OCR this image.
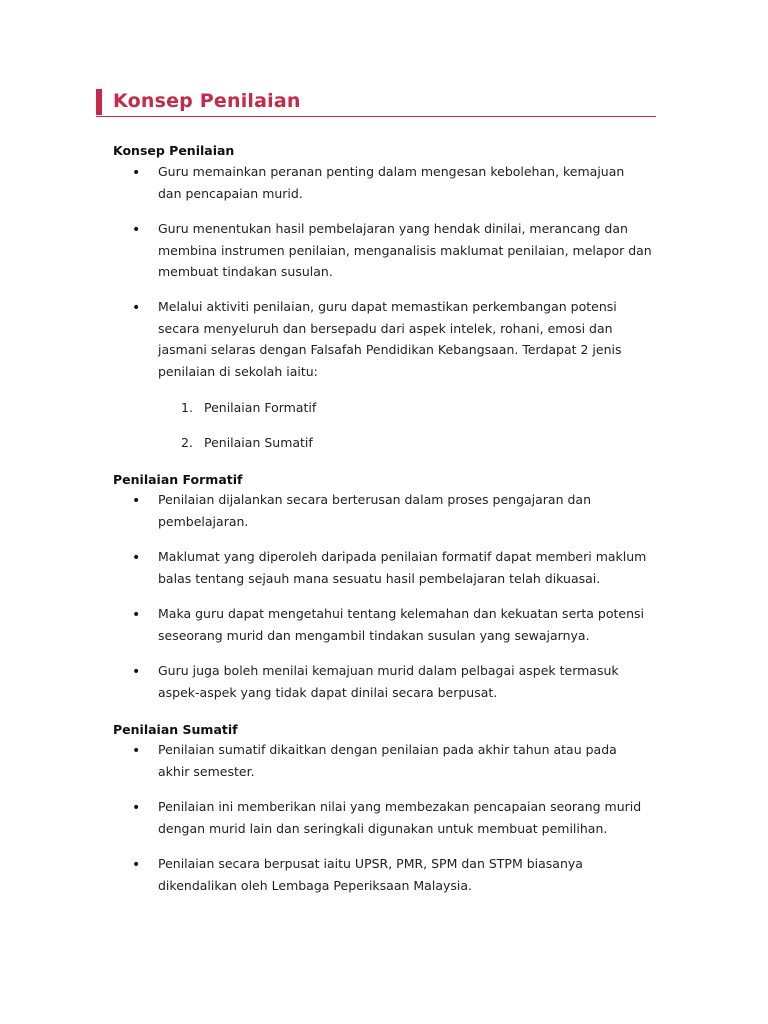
Konsep Penilaian
Konsep Penilaian
• Guru memainkan peranan penting dalam mengesan kebolehan, kemajuan
dan pencapaian murid.
• Guru menentukan hasil pembelajaran yang hendak dinilai, merancang dan
membina instrumen penilaian, menganalisis maklumat penilaian, melapor dan
membuat tindakan susulan.
• Melalui aktiviti penilaian, guru dapat memastikan perkembangan potensi
secara menyeluruh dan bersepadu dari aspek intelek, rohani, emosi dan
jasmani selaras dengan Falsafah Pendidikan Kebangsaan. Terdapat 2 jenis
penilaian di sekolah iaitu:
1. Penilaian Formatif
2. Penilaian Sumatif
Penilaian Formatif
• Penilaian dijalankan secara berterusan dalam proses pengajaran dan
pembelajaran.
• Maklumat yang diperoleh daripada penilaian formatif dapat memberi maklum
balas tentang sejauh mana sesuatu hasil pembelajaran telah dikuasai.
• Maka guru dapat mengetahui tentang kelemahan dan kekuatan serta potensi
seseorang murid dan mengambil tindakan susulan yang sewajarnya.
• Guru juga boleh menilai kemajuan murid dalam pelbagai aspek termasuk
aspek-aspek yang tidak dapat dinilai secara berpusat.
Penilaian Sumatif
• Penilaian sumatif dikaitkan dengan penilaian pada akhir tahun atau pada
akhir semester.
• Penilaian ini memberikan nilai yang membezakan pencapaian seorang murid
dengan murid lain dan seringkali digunakan untuk membuat pemilihan.
• Penilaian secara berpusat iaitu UPSR, PMR, SPM dan STPM biasanya
dikendalikan oleh Lembaga Peperiksaan Malaysia.
